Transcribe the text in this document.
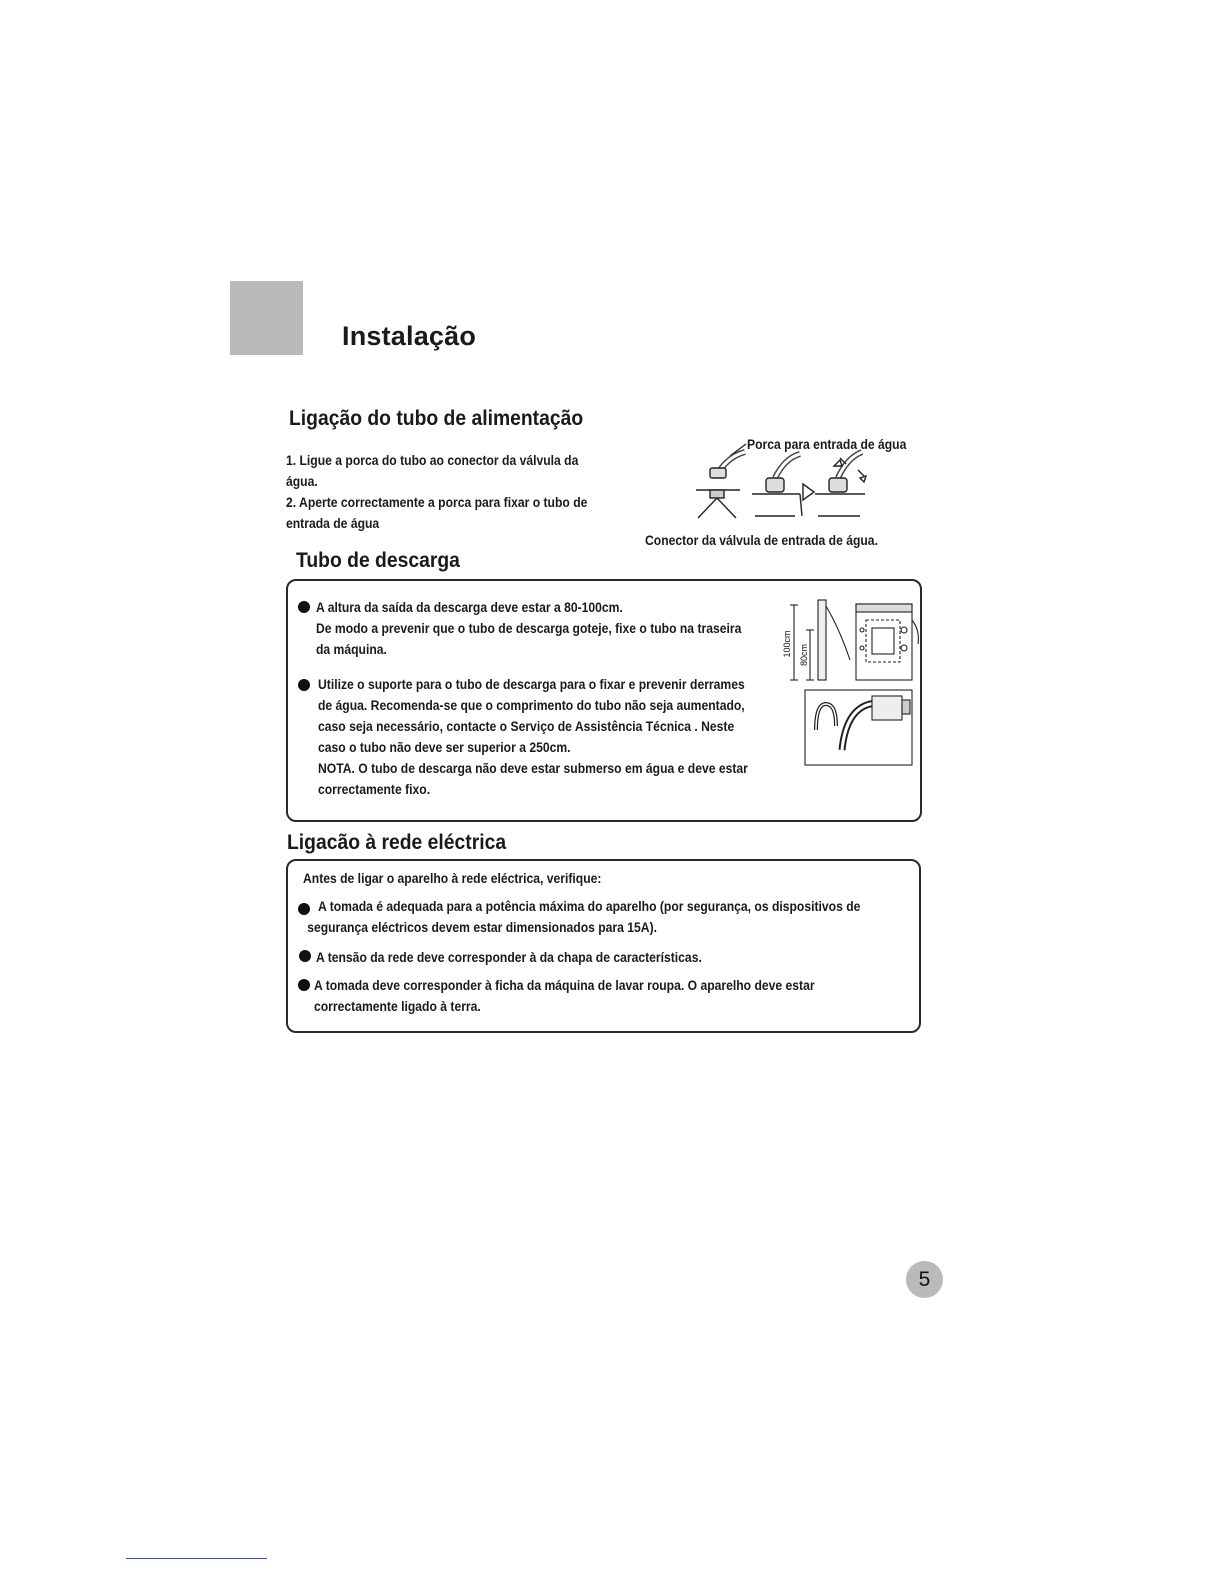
Instalação
Ligação do tubo de alimentação
1. Ligue a porca do tubo ao conector da válvula da
água.
2. Aperte correctamente a porca para fixar o tubo de
entrada de água
Porca para entrada de água
Conector da válvula de entrada de água.
Tubo de descarga
A altura da saída da descarga deve estar a 80-100cm.
De modo a prevenir que o tubo de descarga goteje, fixe o tubo na traseira
da máquina.
Utilize o suporte para o tubo de descarga para o fixar e prevenir derrames
de água. Recomenda-se que o comprimento do tubo não seja aumentado,
caso seja necessário, contacte o Serviço de Assistência Técnica . Neste
caso o tubo não deve ser superior a 250cm.
NOTA. O tubo de descarga não deve estar submerso em água e deve estar
correctamente fixo.
100cm 80cm
Ligacão à rede eléctrica
Antes de ligar o aparelho à rede eléctrica, verifique:
A tomada é adequada para a potência máxima do aparelho (por segurança, os dispositivos de
segurança eléctricos devem estar dimensionados para 15A).
A tensão da rede deve corresponder à da chapa de características.
A tomada deve corresponder à ficha da máquina de lavar roupa. O aparelho deve estar
correctamente ligado à terra.
5
